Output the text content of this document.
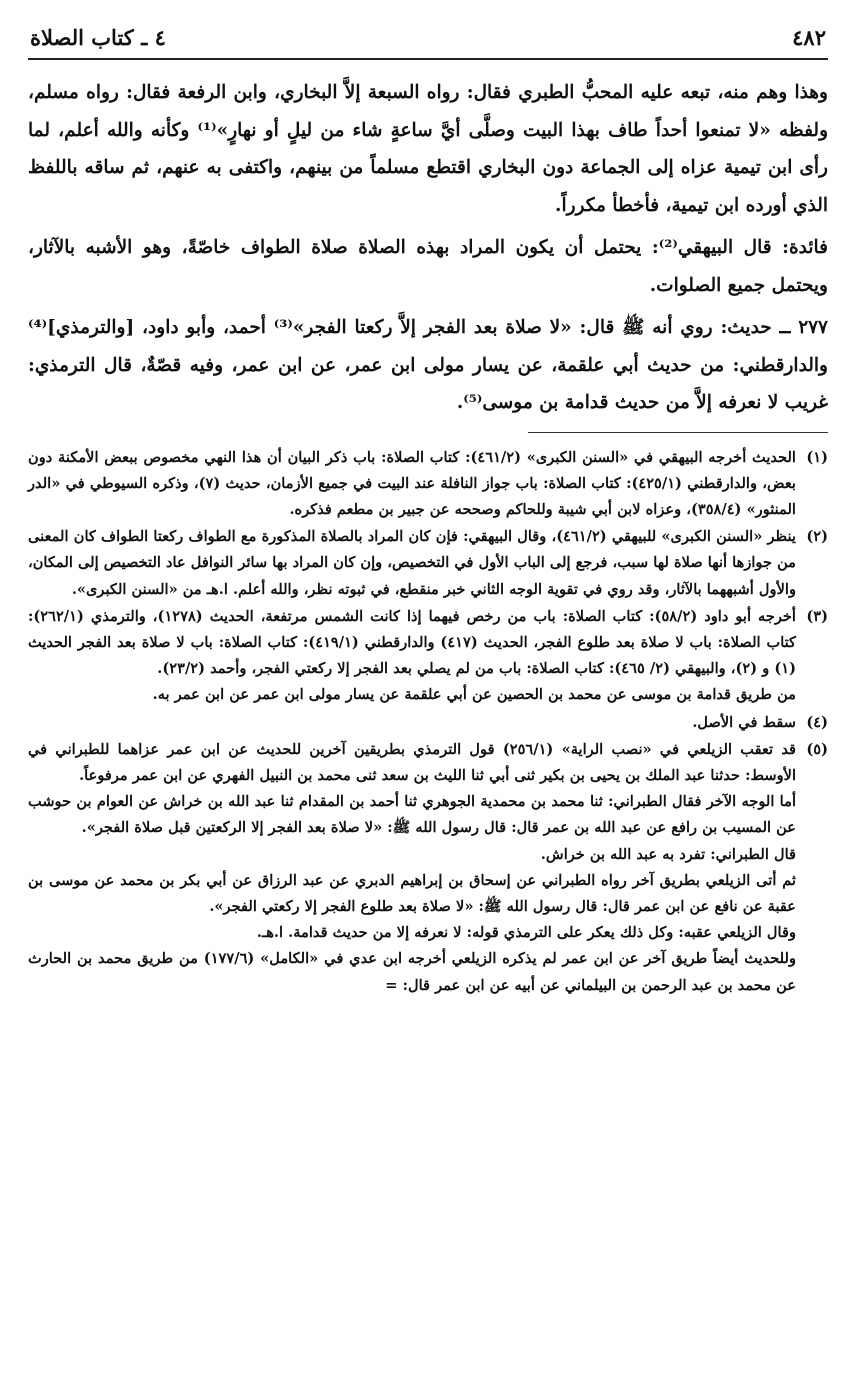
٤٨٢
٤ ـ كتاب الصلاة

وهذا وهم منه، تبعه عليه المحبُّ الطبري فقال: رواه السبعة إلاَّ البخاري، وابن الرفعة فقال: رواه مسلم، ولفظه «لا تمنعوا أحداً طاف بهذا البيت وصلَّى أيَّ ساعةٍ شاء من ليلٍ أو نهارٍ»⁽¹⁾ وكأنه والله أعلم، لما رأى ابن تيمية عزاه إلى الجماعة دون البخاري اقتطع مسلماً من بينهم، واكتفى به عنهم، ثم ساقه باللفظ الذي أورده ابن تيمية، فأخطأ مكرراً.

فائدة: قال البيهقي⁽²⁾: يحتمل أن يكون المراد بهذه الصلاة صلاة الطواف خاصّةً، وهو الأشبه بالآثار، ويحتمل جميع الصلوات.

٢٧٧ ــ حديث: روي أنه ﷺ قال: «لا صلاة بعد الفجر إلاَّ ركعتا الفجر»⁽³⁾ أحمد، وأبو داود، [والترمذي]⁽⁴⁾ والدارقطني: من حديث أبي علقمة، عن يسار مولى ابن عمر، عن ابن عمر، وفيه قصّةٌ، قال الترمذي: غريب لا نعرفه إلاَّ من حديث قدامة بن موسى⁽⁵⁾.

(١)
الحديث أخرجه البيهقي في «السنن الكبرى» (٤٦١/٢): كتاب الصلاة: باب ذكر البيان أن هذا النهي مخصوص ببعض الأمكنة دون بعض، والدارقطني (٤٢٥/١): كتاب الصلاة: باب جواز النافلة عند البيت في جميع الأزمان، حديث (٧)، وذكره السيوطي في «الدر المنثور» (٣٥٨/٤)، وعزاه لابن أبي شيبة وللحاكم وصححه عن جبير بن مطعم فذكره.
(٢)
ينظر «السنن الكبرى» للبيهقي (٤٦١/٢)، وقال البيهقي: فإن كان المراد بالصلاة المذكورة مع الطواف ركعتا الطواف كان المعنى من جوازها أنها صلاة لها سبب، فرجع إلى الباب الأول في التخصيص، وإن كان المراد بها سائر النوافل عاد التخصيص إلى المكان، والأول أشبههما بالآثار، وقد روي في تقوية الوجه الثاني خبر منقطع، في ثبوته نظر، والله أعلم. ا.هـ من «السنن الكبرى».
(٣)
أخرجه أبو داود (٥٨/٢): كتاب الصلاة: باب من رخص فيهما إذا كانت الشمس مرتفعة، الحديث (١٢٧٨)، والترمذي (٢٦٢/١): كتاب الصلاة: باب لا صلاة بعد طلوع الفجر، الحديث (٤١٧) والدارقطني (٤١٩/١): كتاب الصلاة: باب لا صلاة بعد الفجر الحديث (١) و (٢)، والبيهقي (٢/ ٤٦٥): كتاب الصلاة: باب من لم يصلي بعد الفجر إلا ركعتي الفجر، وأحمد (٢٣/٢).
من طريق قدامة بن موسى عن محمد بن الحصين عن أبي علقمة عن يسار مولى ابن عمر عن ابن عمر به.
(٤)
سقط في الأصل.
(٥)
قد تعقب الزيلعي في «نصب الراية» (٢٥٦/١) قول الترمذي بطريقين آخرين للحديث عن ابن عمر عزاهما للطبراني في الأوسط: حدثنا عبد الملك بن يحيى بن بكير ثنى أبي ثنا الليث بن سعد ثنى محمد بن النبيل الفهري عن ابن عمر مرفوعاً.
أما الوجه الآخر فقال الطبراني: ثنا محمد بن محمدية الجوهري ثنا أحمد بن المقدام ثنا عبد الله بن خراش عن العوام بن حوشب عن المسيب بن رافع عن عبد الله بن عمر قال: قال رسول الله ﷺ: «لا صلاة بعد الفجر إلا الركعتين قبل صلاة الفجر».
قال الطبراني: تفرد به عبد الله بن خراش.
ثم أتى الزيلعي بطريق آخر رواه الطبراني عن إسحاق بن إبراهيم الدبري عن عبد الرزاق عن أبي بكر بن محمد عن موسى بن عقبة عن نافع عن ابن عمر قال: قال رسول الله ﷺ: «لا صلاة بعد طلوع الفجر إلا ركعتي الفجر».
وقال الزيلعي عقبه: وكل ذلك يعكر على الترمذي قوله: لا نعرفه إلا من حديث قدامة. ا.هـ.
وللحديث أيضاً طريق آخر عن ابن عمر لم يذكره الزيلعي أخرجه ابن عدي في «الكامل» (١٧٧/٦) من طريق محمد بن الحارث عن محمد بن عبد الرحمن بن البيلماني عن أبيه عن ابن عمر قال: =
